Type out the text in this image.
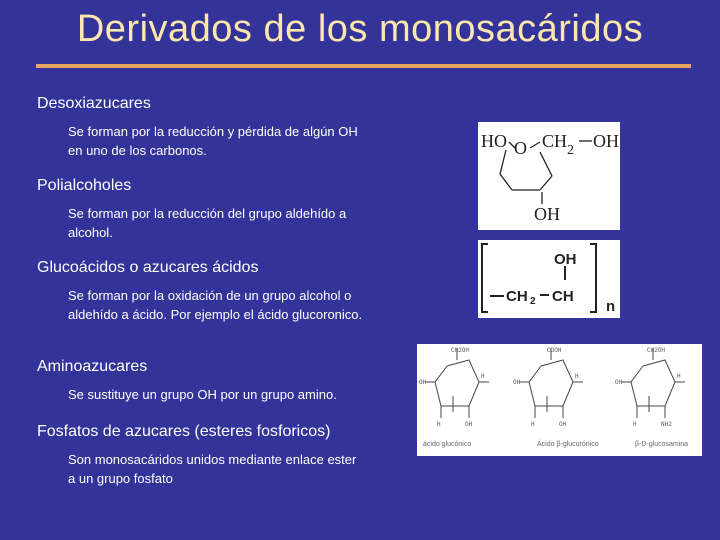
Derivados de los monosacáridos
Desoxiazucares
Se forman por la reducción y pérdida de algún OH en uno de los carbonos.
Polialcoholes
Se forman por la reducción del grupo aldehído a alcohol.
Glucoácidos o azucares ácidos
Se forman por la oxidación de un grupo alcohol o aldehído a ácido. Por ejemplo el ácido glucoronico.
Aminoazucares
Se sustituye un grupo OH por un grupo amino.
Fosfatos de azucares (esteres fosforicos)
Son monosacáridos unidos mediante enlace ester a un grupo fosfato
HO O CH 2 OH
OH
OH
CH 2 CH
n
CH2OH	COOH	CH2OH
OH
H
OH
H
OH
H
H	OH	H	OH	H	NH2
ácido glucónico	Ácido β-glucurónico	β-D-glucosamina
